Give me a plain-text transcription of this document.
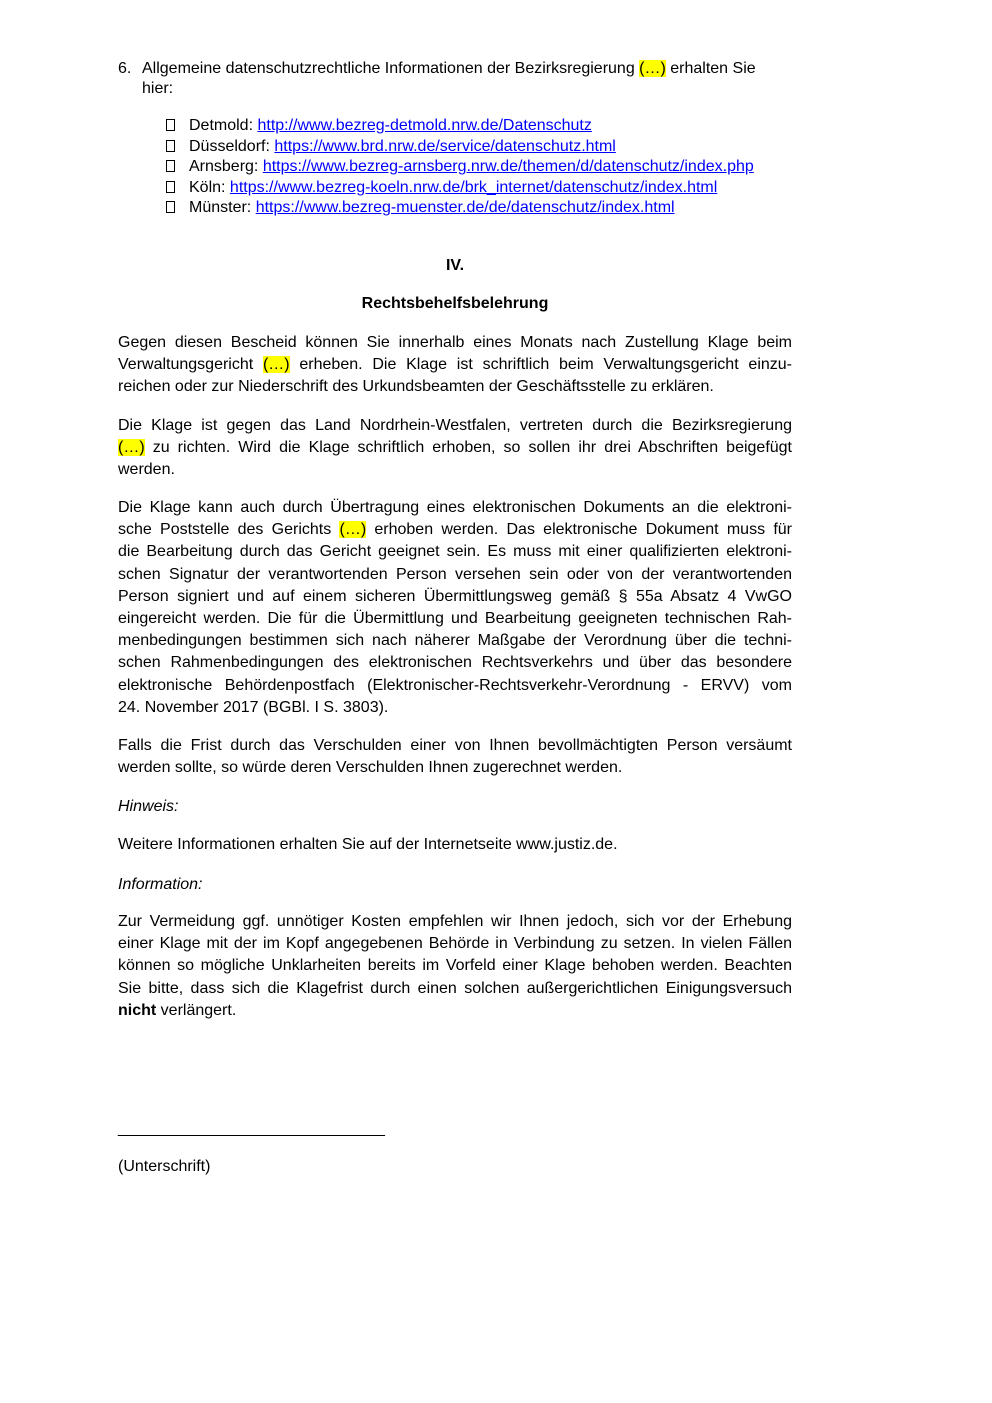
6. Allgemeine datenschutzrechtliche Informationen der Bezirksregierung (…) erhalten Sie
hier:
Detmold: http://www.bezreg-detmold.nrw.de/Datenschutz
Düsseldorf: https://www.brd.nrw.de/service/datenschutz.html
Arnsberg: https://www.bezreg-arnsberg.nrw.de/themen/d/datenschutz/index.php
Köln: https://www.bezreg-koeln.nrw.de/brk_internet/datenschutz/index.html
Münster: https://www.bezreg-muenster.de/de/datenschutz/index.html
IV.
Rechtsbehelfsbelehrung
Gegen diesen Bescheid können Sie innerhalb eines Monats nach Zustellung Klage beim
Verwaltungsgericht (…) erheben. Die Klage ist schriftlich beim Verwaltungsgericht einzu-
reichen oder zur Niederschrift des Urkundsbeamten der Geschäftsstelle zu erklären.
Die Klage ist gegen das Land Nordrhein-Westfalen, vertreten durch die Bezirksregierung
(…) zu richten. Wird die Klage schriftlich erhoben, so sollen ihr drei Abschriften beigefügt
werden.
Die Klage kann auch durch Übertragung eines elektronischen Dokuments an die elektroni-
sche Poststelle des Gerichts (…) erhoben werden. Das elektronische Dokument muss für
die Bearbeitung durch das Gericht geeignet sein. Es muss mit einer qualifizierten elektroni-
schen Signatur der verantwortenden Person versehen sein oder von der verantwortenden
Person signiert und auf einem sicheren Übermittlungsweg gemäß § 55a Absatz 4 VwGO
eingereicht werden. Die für die Übermittlung und Bearbeitung geeigneten technischen Rah-
menbedingungen bestimmen sich nach näherer Maßgabe der Verordnung über die techni-
schen Rahmenbedingungen des elektronischen Rechtsverkehrs und über das besondere
elektronische Behördenpostfach (Elektronischer-Rechtsverkehr-Verordnung - ERVV) vom
24. November 2017 (BGBl. I S. 3803).
Falls die Frist durch das Verschulden einer von Ihnen bevollmächtigten Person versäumt
werden sollte, so würde deren Verschulden Ihnen zugerechnet werden.
Hinweis:
Weitere Informationen erhalten Sie auf der Internetseite www.justiz.de.
Information:
Zur Vermeidung ggf. unnötiger Kosten empfehlen wir Ihnen jedoch, sich vor der Erhebung
einer Klage mit der im Kopf angegebenen Behörde in Verbindung zu setzen. In vielen Fällen
können so mögliche Unklarheiten bereits im Vorfeld einer Klage behoben werden. Beachten
Sie bitte, dass sich die Klagefrist durch einen solchen außergerichtlichen Einigungsversuch
nicht verlängert.
______________________________
(Unterschrift)
